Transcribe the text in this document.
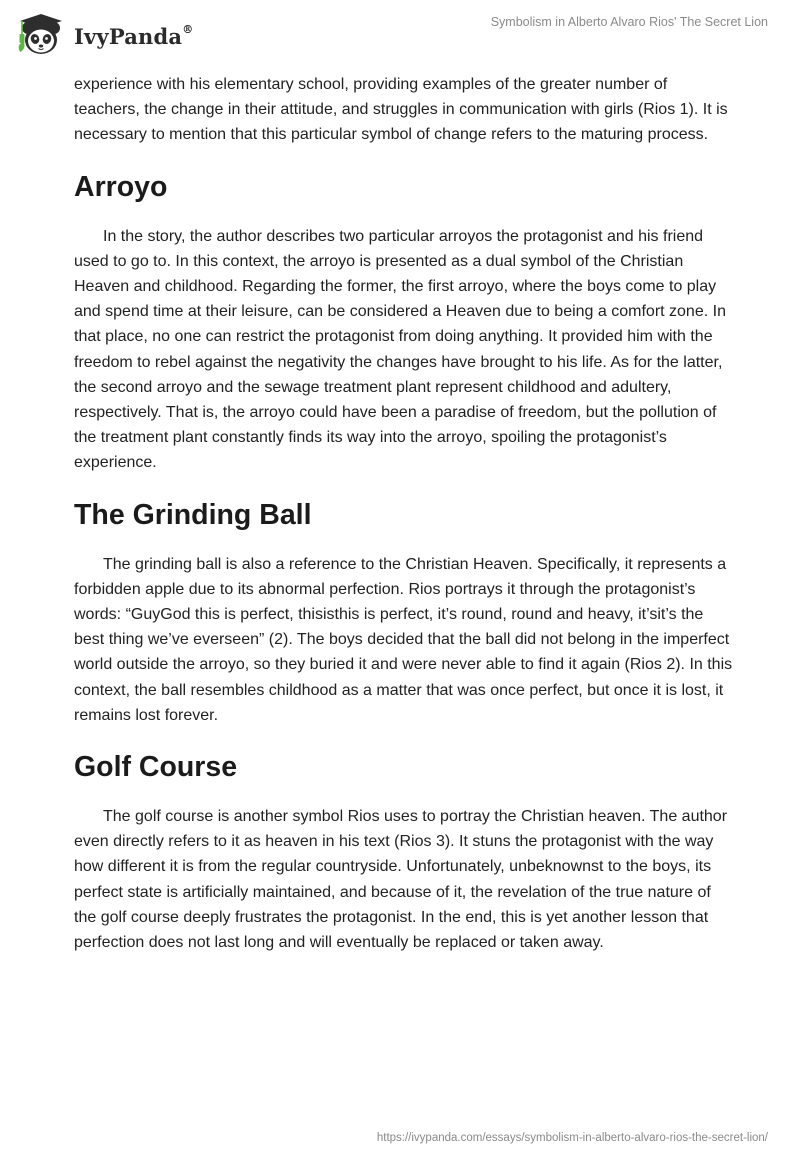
IvyPanda®	Symbolism in Alberto Alvaro Rios' The Secret Lion

experience with his elementary school, providing examples of the greater number of teachers, the change in their attitude, and struggles in communication with girls (Rios 1). It is necessary to mention that this particular symbol of change refers to the maturing process.

Arroyo

In the story, the author describes two particular arroyos the protagonist and his friend used to go to. In this context, the arroyo is presented as a dual symbol of the Christian Heaven and childhood. Regarding the former, the first arroyo, where the boys come to play and spend time at their leisure, can be considered a Heaven due to being a comfort zone. In that place, no one can restrict the protagonist from doing anything. It provided him with the freedom to rebel against the negativity the changes have brought to his life. As for the latter, the second arroyo and the sewage treatment plant represent childhood and adultery, respectively. That is, the arroyo could have been a paradise of freedom, but the pollution of the treatment plant constantly finds its way into the arroyo, spoiling the protagonist’s experience.

The Grinding Ball

The grinding ball is also a reference to the Christian Heaven. Specifically, it represents a forbidden apple due to its abnormal perfection. Rios portrays it through the protagonist’s words: “GuyGod this is perfect, thisisthis is perfect, it’s round, round and heavy, it’sit’s the best thing we’ve everseen” (2). The boys decided that the ball did not belong in the imperfect world outside the arroyo, so they buried it and were never able to find it again (Rios 2). In this context, the ball resembles childhood as a matter that was once perfect, but once it is lost, it remains lost forever.

Golf Course

The golf course is another symbol Rios uses to portray the Christian heaven. The author even directly refers to it as heaven in his text (Rios 3). It stuns the protagonist with the way how different it is from the regular countryside. Unfortunately, unbeknownst to the boys, its perfect state is artificially maintained, and because of it, the revelation of the true nature of the golf course deeply frustrates the protagonist. In the end, this is yet another lesson that perfection does not last long and will eventually be replaced or taken away.

https://ivypanda.com/essays/symbolism-in-alberto-alvaro-rios-the-secret-lion/
